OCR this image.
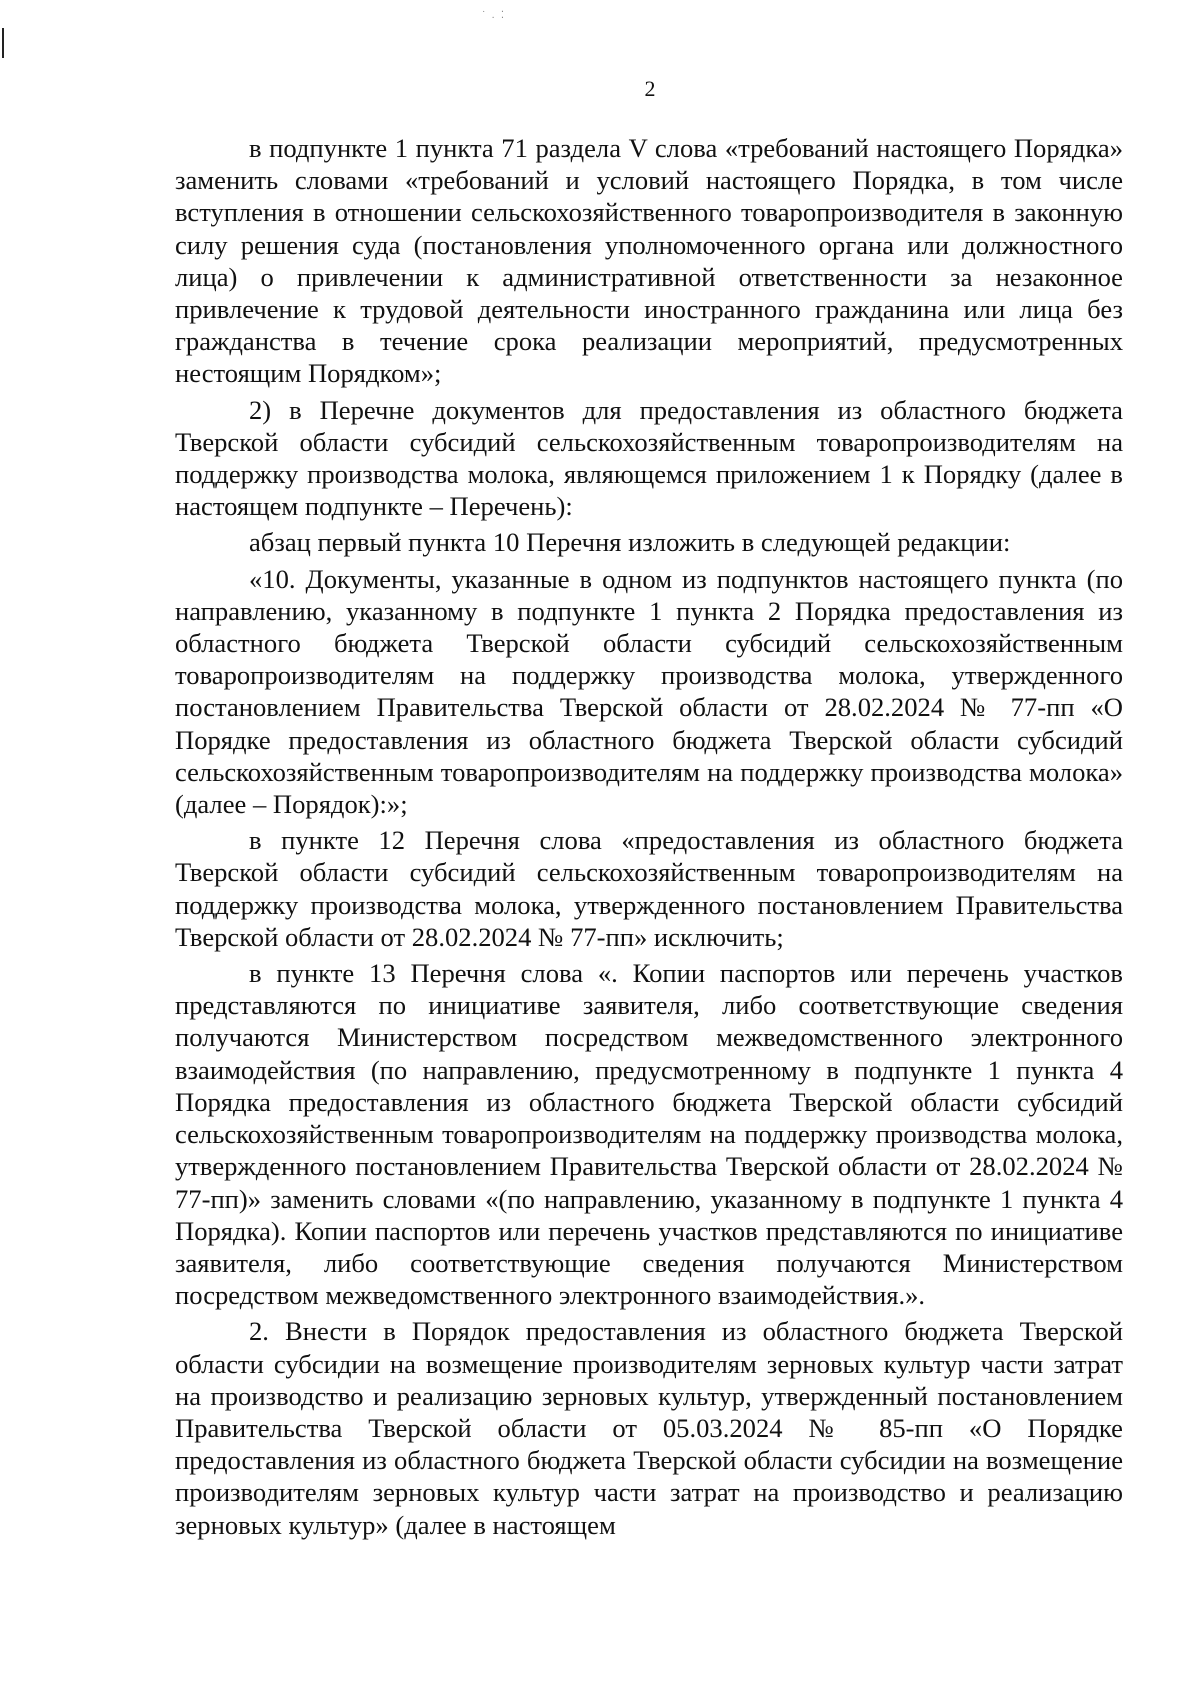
˙ . ⁚
2

в подпункте 1 пункта 71 раздела V слова «требований настоящего Порядка» заменить словами «требований и условий настоящего Порядка, в том числе вступления в отношении сельскохозяйственного товаропроизводителя в законную силу решения суда (постановления уполномоченного органа или должностного лица) о привлечении к административной ответственности за незаконное привлечение к трудовой деятельности иностранного гражданина или лица без гражданства в течение срока реализации мероприятий, предусмотренных нестоящим Порядком»;

2) в Перечне документов для предоставления из областного бюджета Тверской области субсидий сельскохозяйственным товаропроизводителям на поддержку производства молока, являющемся приложением 1 к Порядку (далее в настоящем подпункте – Перечень):

абзац первый пункта 10 Перечня изложить в следующей редакции:

«10. Документы, указанные в одном из подпунктов настоящего пункта (по направлению, указанному в подпункте 1 пункта 2 Порядка предоставления из областного бюджета Тверской области субсидий сельскохозяйственным товаропроизводителям на поддержку производства молока, утвержденного постановлением Правительства Тверской области от 28.02.2024 № 77-пп «О Порядке предоставления из областного бюджета Тверской области субсидий сельскохозяйственным товаропроизводителям на поддержку производства молока» (далее – Порядок):»;

в пункте 12 Перечня слова «предоставления из областного бюджета Тверской области субсидий сельскохозяйственным товаропроизводителям на поддержку производства молока, утвержденного постановлением Правительства Тверской области от 28.02.2024 № 77-пп» исключить;

в пункте 13 Перечня слова «. Копии паспортов или перечень участков представляются по инициативе заявителя, либо соответствующие сведения получаются Министерством посредством межведомственного электронного взаимодействия (по направлению, предусмотренному в подпункте 1 пункта 4 Порядка предоставления из областного бюджета Тверской области субсидий сельскохозяйственным товаропроизводителям на поддержку производства молока, утвержденного постановлением Правительства Тверской области от 28.02.2024 № 77-пп)» заменить словами «(по направлению, указанному в подпункте 1 пункта 4 Порядка). Копии паспортов или перечень участков представляются по инициативе заявителя, либо соответствующие сведения получаются Министерством посредством межведомственного электронного взаимодействия.».

2. Внести в Порядок предоставления из областного бюджета Тверской области субсидии на возмещение производителям зерновых культур части затрат на производство и реализацию зерновых культур, утвержденный постановлением Правительства Тверской области от 05.03.2024 № 85-пп «О Порядке предоставления из областного бюджета Тверской области субсидии на возмещение производителям зерновых культур части затрат на производство и реализацию зерновых культур» (далее в настоящем
